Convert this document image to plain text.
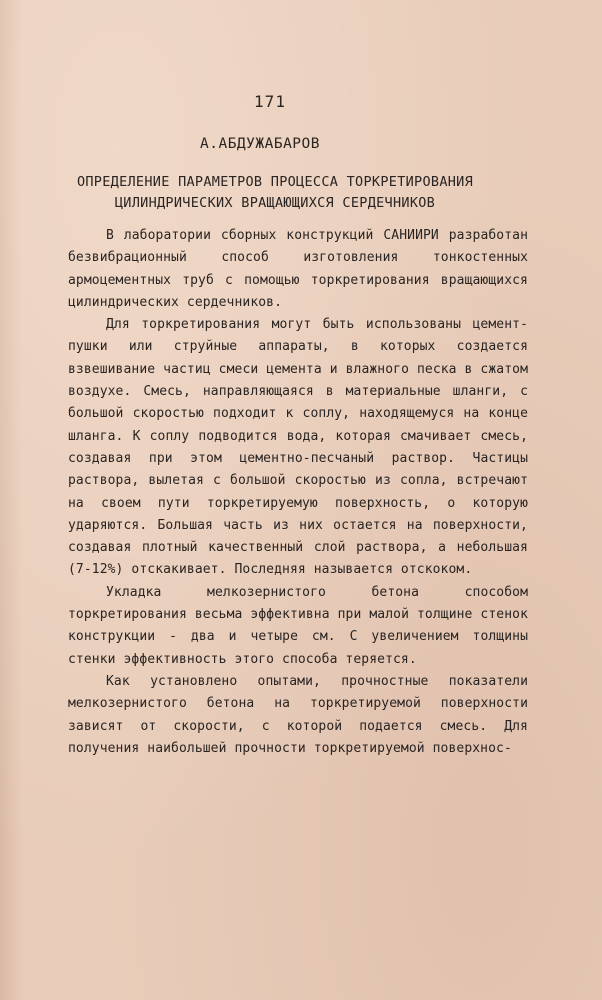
171
А.АБДУЖАБАРОВ
ОПРЕДЕЛЕНИЕ ПАРАМЕТРОВ ПРОЦЕССА ТОРКРЕТИРОВАНИЯ
ЦИЛИНДРИЧЕСКИХ ВРАЩАЮЩИХСЯ СЕРДЕЧНИКОВ

В лаборатории сборных конструкций САНИИРИ разработан безвибрационный способ изготовления тонкостенных армоцементных труб с помощью торкретирования вращающихся цилиндрических сердечников.

Для торкретирования могут быть использованы цемент-пушки или струйные аппараты, в которых создается взвешивание частиц смеси цемента и влажного песка в сжатом воздухе. Смесь, направляющаяся в материальные шланги, с большой скоростью подходит к соплу, находящемуся на конце шланга. К соплу подводится вода, которая смачивает смесь, создавая при этом цементно-песчаный раствор. Частицы раствора, вылетая с большой скоростью из сопла, встречают на своем пути торкретируемую поверхность, о которую ударяются. Большая часть из них остается на поверхности, создавая плотный качественный слой раствора, а небольшая (7-12%) отскакивает. Последняя называется отскоком.

Укладка мелкозернистого бетона способом торкретирования весьма эффективна при малой толщине стенок конструкции - два и четыре см. С увеличением толщины стенки эффективность этого способа теряется.

Как установлено опытами, прочностные показатели мелкозернистого бетона на торкретируемой поверхности зависят от скорости, с которой подается смесь. Для получения наибольшей прочности торкретируемой поверхнос-
